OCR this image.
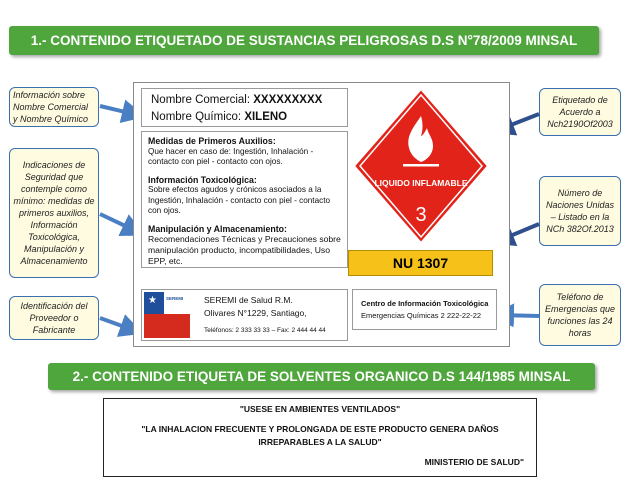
1.- CONTENIDO ETIQUETADO DE SUSTANCIAS PELIGROSAS D.S N°78/2009 MINSAL
Información sobre Nombre Comercial y Nombre Químico
Indicaciones de Seguridad que contemple como mínimo: medidas de primeros auxilios, Información Toxicológica, Manipulación y Almacenamiento
Identificación del Proveedor o Fabricante
Etiquetado de Acuerdo a Nch2190Of2003
Número de Naciones Unidas – Listado en la NCh 382Of.2013
Teléfono de Emergencias que funciones las 24 horas
Nombre Comercial: XXXXXXXXX
Nombre Químico: XILENO
Medidas de Primeros Auxilios:
Que hacer en caso de: Ingestión, Inhalación - contacto con piel - contacto con ojos.
Información Toxicológica:
Sobre efectos agudos y crónicos asociados a la Ingestión, Inhalación - contacto con piel - contacto con ojos.
Manipulación y Almacenamiento:
Recomendaciones Técnicas y Precauciones sobre manipulación producto, incompatibilidades, Uso EPP, etc.
LIQUIDO INFLAMABLE
3
NU 1307
★ SEREMI SEREMI de Salud R.M.
Olivares N°1229, Santiago,
Teléfonos: 2 333 33 33 – Fax: 2 444 44 44
Centro de Información Toxicológica
Emergencias Químicas 2 222-22-22
2.- CONTENIDO ETIQUETA DE SOLVENTES ORGANICO D.S 144/1985 MINSAL
"USESE EN AMBIENTES VENTILADOS"
"LA INHALACION FRECUENTE Y PROLONGADA DE ESTE PRODUCTO GENERA DAÑOS
IRREPARABLES A LA SALUD"
MINISTERIO DE SALUD"
